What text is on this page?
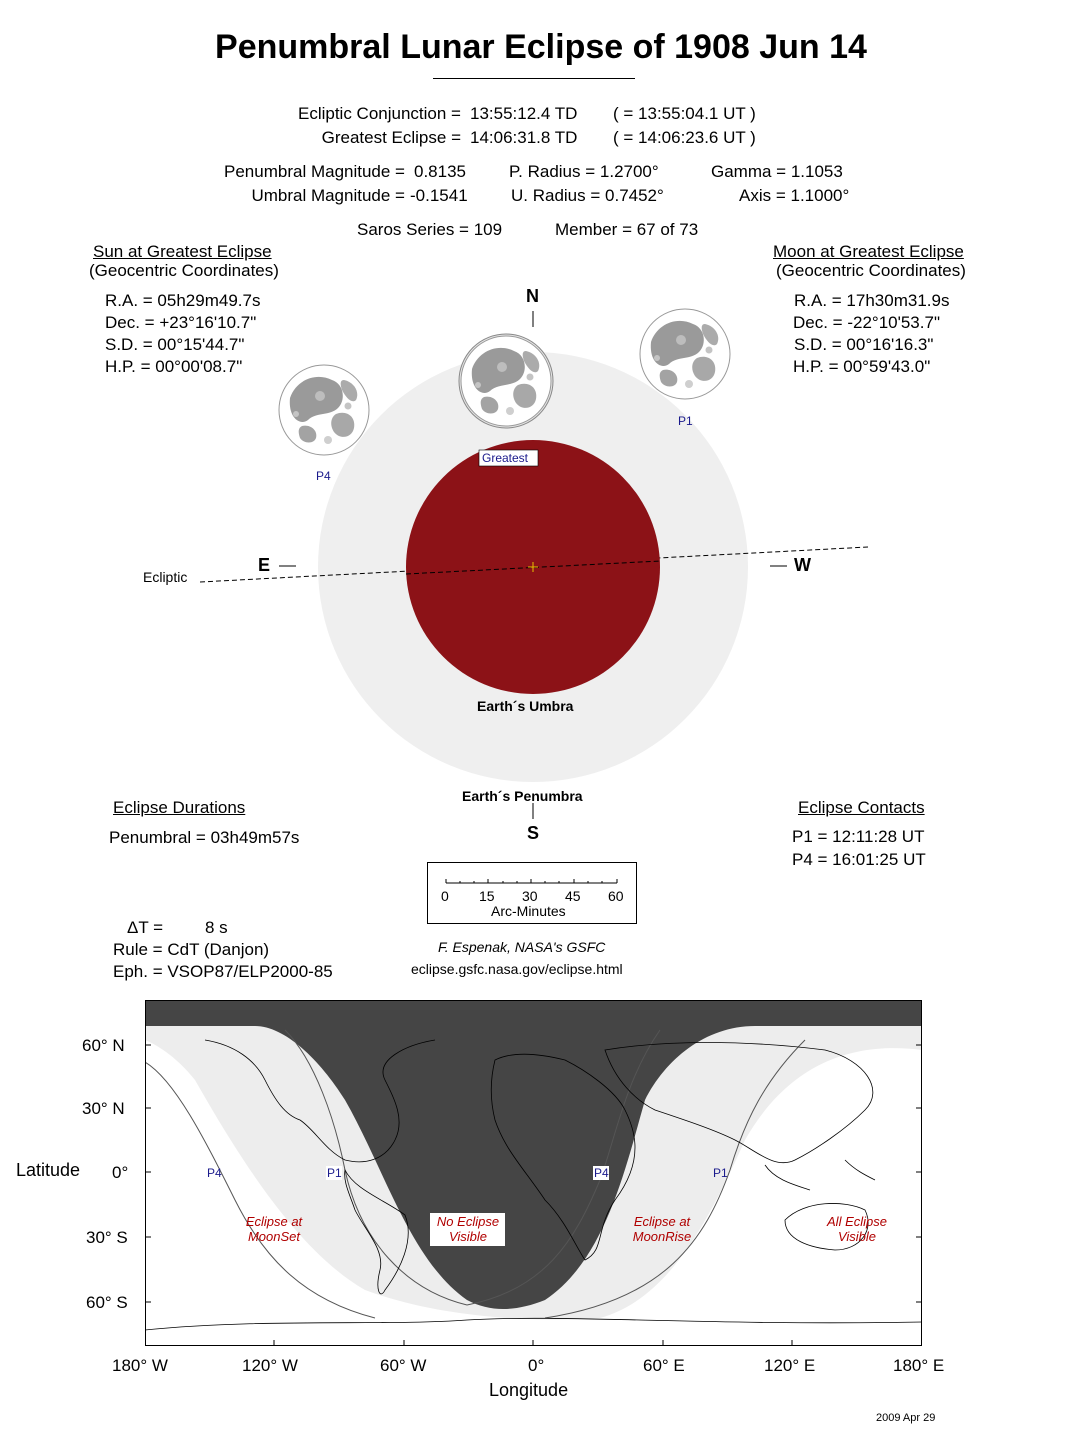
Penumbral Lunar Eclipse of 1908 Jun 14
Ecliptic Conjunction = 13:55:12.4 TD ( = 13:55:04.1 UT )
Greatest Eclipse = 14:06:31.8 TD ( = 14:06:23.6 UT )
Penumbral Magnitude = 0.8135
Umbral Magnitude = -0.1541
P. Radius = 1.2700°
U. Radius = 0.7452°
Gamma = 1.1053
Axis = 1.1000°
Saros Series = 109	Member = 67 of 73
Sun at Greatest Eclipse
(Geocentric Coordinates)
R.A. = 05h29m49.7s
Dec. = +23°16'10.7"
S.D. = 00°15'44.7"
H.P. = 00°00'08.7"
Moon at Greatest Eclipse
(Geocentric Coordinates)
R.A. = 17h30m31.9s
Dec. = -22°10'53.7"
S.D. = 00°16'16.3"
H.P. = 00°59'43.0"
N
S
E	W
Ecliptic
Greatest
P1
P4
Earth´s Umbra
Earth´s Penumbra
Eclipse Durations
Penumbral = 03h49m57s
Eclipse Contacts
P1 = 12:11:28 UT
P4 = 16:01:25 UT
0 15 30 45 60
Arc-Minutes
ΔT = 8 s
Rule = CdT (Danjon)
Eph. = VSOP87/ELP2000-85
F. Espenak, NASA's GSFC
eclipse.gsfc.nasa.gov/eclipse.html
60° N
30° N
0°
30° S
60° S
Latitude
180° W	120° W	60° W	0°	60° E	120° E	180° E
Longitude
P4	P1	P4	P1
Eclipse at
MoonSet
No Eclipse
Visible
Eclipse at
MoonRise
All Eclipse
Visible
2009 Apr 29
